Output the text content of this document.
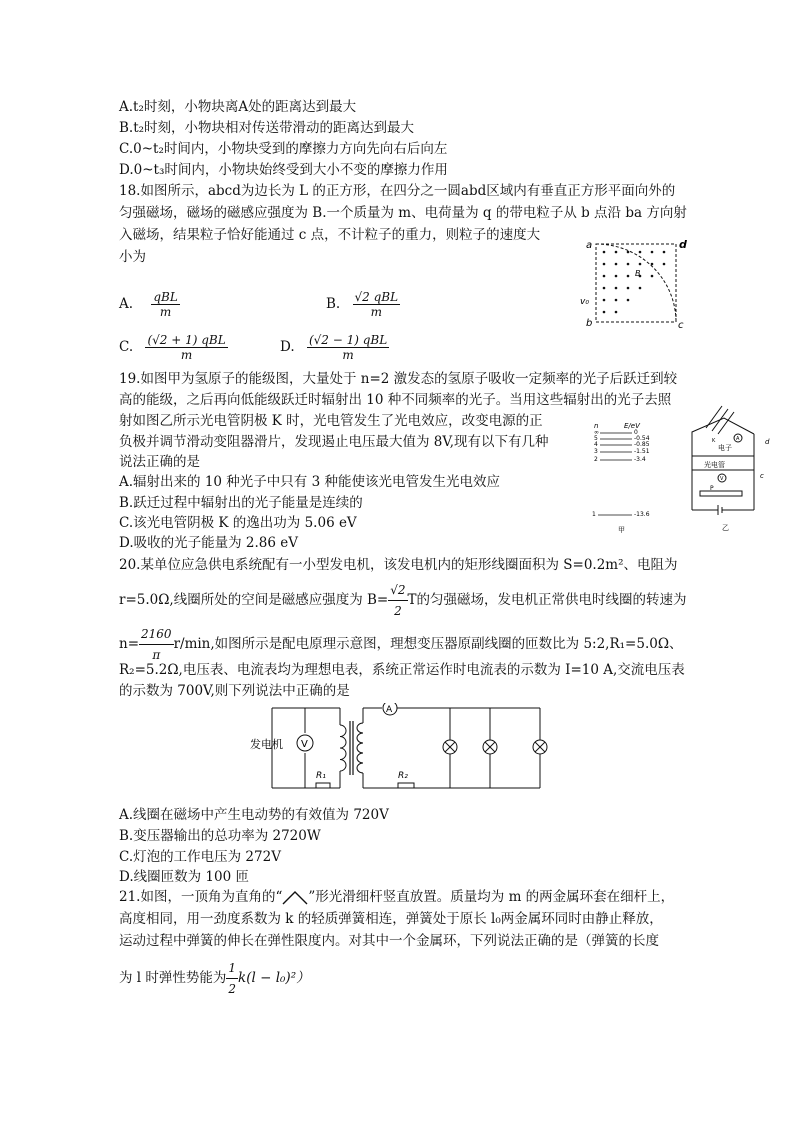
A.t₂时刻，小物块离A处的距离达到最大
B.t₂时刻，小物块相对传送带滑动的距离达到最大
C.0~t₂时间内，小物块受到的摩擦力方向先向右后向左
D.0~t₃时间内，小物块始终受到大小不变的摩擦力作用
18.如图所示，abcd为边长为 L 的正方形，在四分之一圆abd区域内有垂直正方形平面向外的
匀强磁场，磁场的磁感应强度为 B.一个质量为 m、电荷量为 q 的带电粒子从 b 点沿 ba 方向射
入磁场，结果粒子恰好能通过 c 点，不计粒子的重力，则粒子的速度大
小为
A. $\frac{\text{qBL}}{m}$	B. $\frac{\text{√2 qBL}}{m}$
C. $\frac{\text{(√2 + 1) qBL}}{m}$	D. $\frac{\text{(√2 − 1) qBL}}{m}$
a	d
b	c
B
v₀
19.如图甲为氢原子的能级图，大量处于 n=2 激发态的氢原子吸收一定频率的光子后跃迁到较
高的能级，之后再向低能级跃迁时辐射出 10 种不同频率的光子。当用这些辐射出的光子去照
射如图乙所示光电管阴极 K 时，光电管发生了光电效应，改变电源的正
负极并调节滑动变阻器滑片，发现遏止电压最大值为 8V,现有以下有几种
说法正确的是
A.辐射出来的 10 种光子中只有 3 种能使该光电管发生光电效应
B.跃迁过程中辐射出的光子能量是连续的
C.该光电管阴极 K 的逸出功为 5.06 eV
D.吸收的光子能量为 2.86 eV
n	E/eV
∞	0
5	-0.54
4	-0.85
3	-1.51
2	-3.4
1	-13.6
甲
A
K
电子
d
光电管
V	c
P
乙
20.某单位应急供电系统配有一小型发电机，该发电机内的矩形线圈面积为 S=0.2m²、电阻为
r=5.0Ω,线圈所处的空间是磁感应强度为 $B= \frac{√2}{2}$ T的匀强磁场，发电机正常供电时线圈的转速为
$n= \frac{2160}{\pi} r/\min$,如图所示是配电原理示意图，理想变压器原副线圈的匝数比为 5:2,R₁=5.0Ω、
R₂=5.2Ω,电压表、电流表均为理想电表，系统正常运作时电流表的示数为 I=10 A,交流电压表
的示数为 700V,则下列说法中正确的是
发电机 V
R₁
A
R₂
A.线圈在磁场中产生电动势的有效值为 720V
B.变压器输出的总功率为 2720W
C.灯泡的工作电压为 272V
D.线圈匝数为 100 匝
21.如图，一顶角为直角的“ ”形光滑细杆竖直放置。质量均为 m 的两金属环套在细杆上，
高度相同，用一劲度系数为 k 的轻质弹簧相连，弹簧处于原长 l₀两金属环同时由静止释放，
运动过程中弹簧的伸长在弹性限度内。对其中一个金属环，下列说法正确的是（弹簧的长度
为 l 时弹性势能为 $\frac{1}{2} k(l - l_0)^2$）
